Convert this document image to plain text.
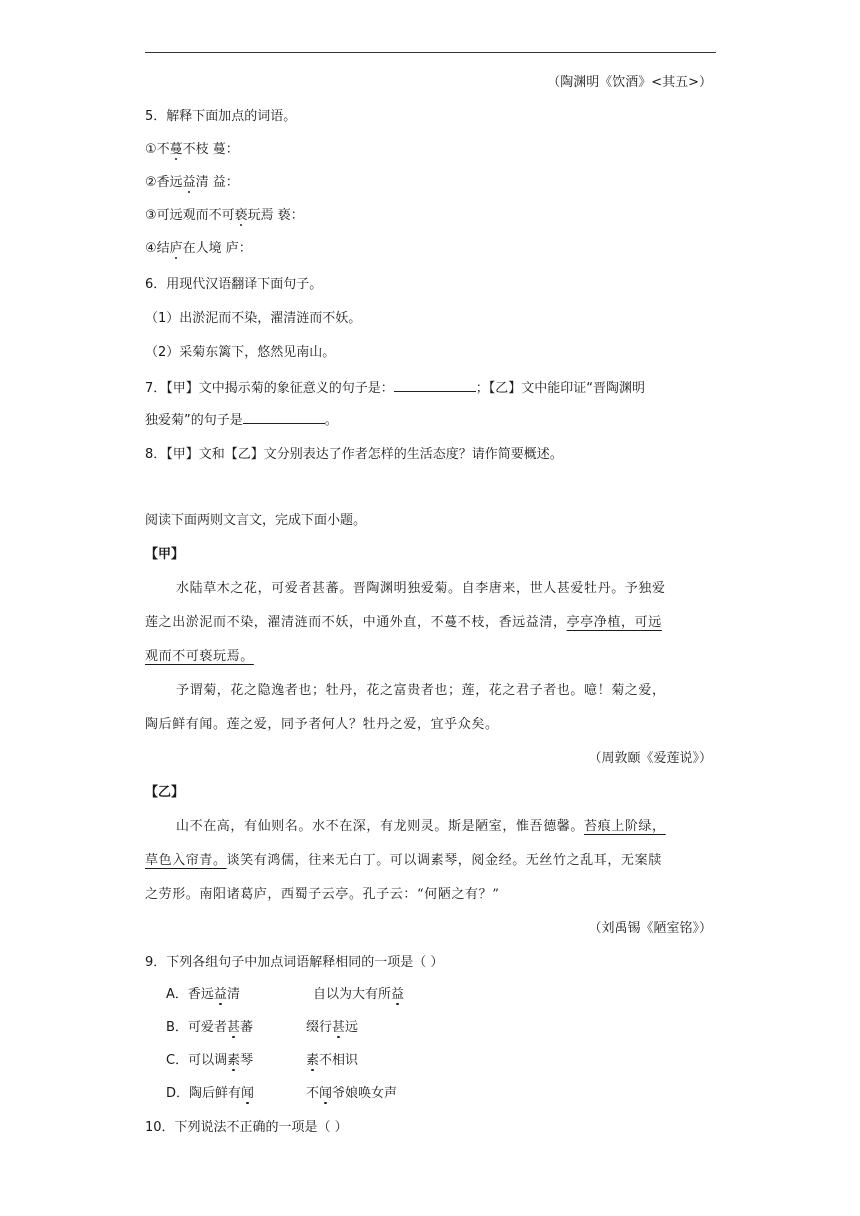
（陶渊明《饮酒》<其五>）
5．解释下面加点的词语。
①不蔓不枝 蔓：
②香远益清 益：
③可远观而不可亵玩焉 亵：
④结庐在人境 庐：
6．用现代汉语翻译下面句子。
（1）出淤泥而不染，濯清涟而不妖。
（2）采菊东篱下，悠然见南山。
7．【甲】文中揭示菊的象征意义的句子是：	；【乙】文中能印证“晋陶渊明
独爱菊”的句子是	。
8．【甲】文和【乙】文分别表达了作者怎样的生活态度？请作简要概述。
阅读下面两则文言文，完成下面小题。
【甲】
水陆草木之花，可爱者甚蕃。晋陶渊明独爱菊。自李唐来，世人甚爱牡丹。予独爱
莲之出淤泥而不染，濯清涟而不妖，中通外直，不蔓不枝，香远益清，亭亭净植，可远
观而不可亵玩焉。
予谓菊，花之隐逸者也；牡丹，花之富贵者也；莲，花之君子者也。噫！菊之爱，
陶后鲜有闻。莲之爱，同予者何人？牡丹之爱，宜乎众矣。
（周敦颐《爱莲说》）
【乙】
山不在高，有仙则名。水不在深，有龙则灵。斯是陋室，惟吾德馨。苔痕上阶绿，
草色入帘青。谈笑有鸿儒，往来无白丁。可以调素琴，阅金经。无丝竹之乱耳，无案牍
之劳形。南阳诸葛庐，西蜀子云亭。孔子云：“何陋之有？”
（刘禹锡《陋室铭》）
9．下列各组句子中加点词语解释相同的一项是（ ）
A．香远益清	自以为大有所益
B．可爱者甚蕃	缀行甚远
C．可以调素琴	素不相识
D．陶后鲜有闻	不闻爷娘唤女声
10．下列说法不正确的一项是（ ）
